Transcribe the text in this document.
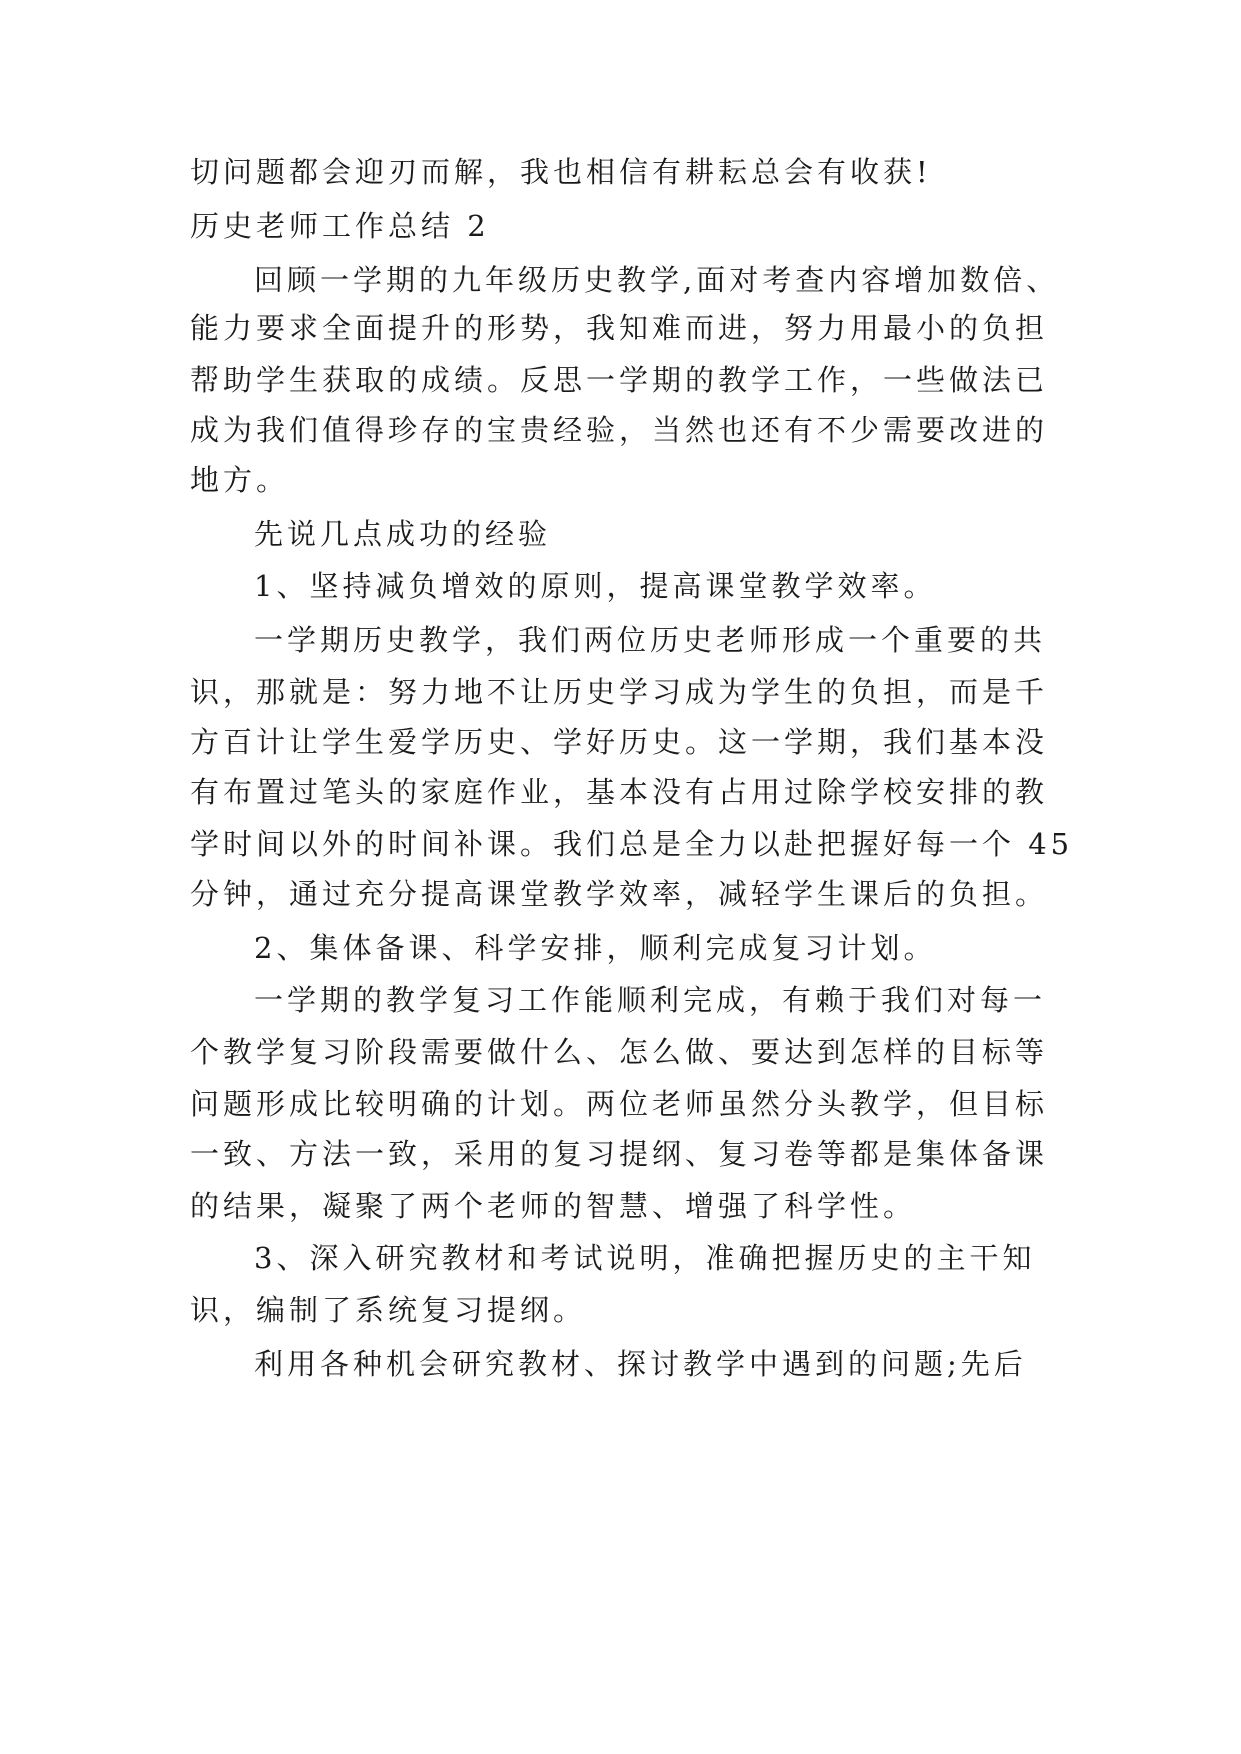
切问题都会迎刃而解，我也相信有耕耘总会有收获!

历史老师工作总结 2

回顾一学期的九年级历史教学,面对考查内容增加数倍、

能力要求全面提升的形势，我知难而进，努力用最小的负担

帮助学生获取的成绩。反思一学期的教学工作，一些做法已

成为我们值得珍存的宝贵经验，当然也还有不少需要改进的

地方。

先说几点成功的经验

1、坚持减负增效的原则，提高课堂教学效率。

一学期历史教学，我们两位历史老师形成一个重要的共

识，那就是：努力地不让历史学习成为学生的负担，而是千

方百计让学生爱学历史、学好历史。这一学期，我们基本没

有布置过笔头的家庭作业，基本没有占用过除学校安排的教

学时间以外的时间补课。我们总是全力以赴把握好每一个 45

分钟，通过充分提高课堂教学效率，减轻学生课后的负担。

2、集体备课、科学安排，顺利完成复习计划。

一学期的教学复习工作能顺利完成，有赖于我们对每一

个教学复习阶段需要做什么、怎么做、要达到怎样的目标等

问题形成比较明确的计划。两位老师虽然分头教学，但目标

一致、方法一致，采用的复习提纲、复习卷等都是集体备课

的结果，凝聚了两个老师的智慧、增强了科学性。

3、深入研究教材和考试说明，准确把握历史的主干知

识，编制了系统复习提纲。

利用各种机会研究教材、探讨教学中遇到的问题;先后
